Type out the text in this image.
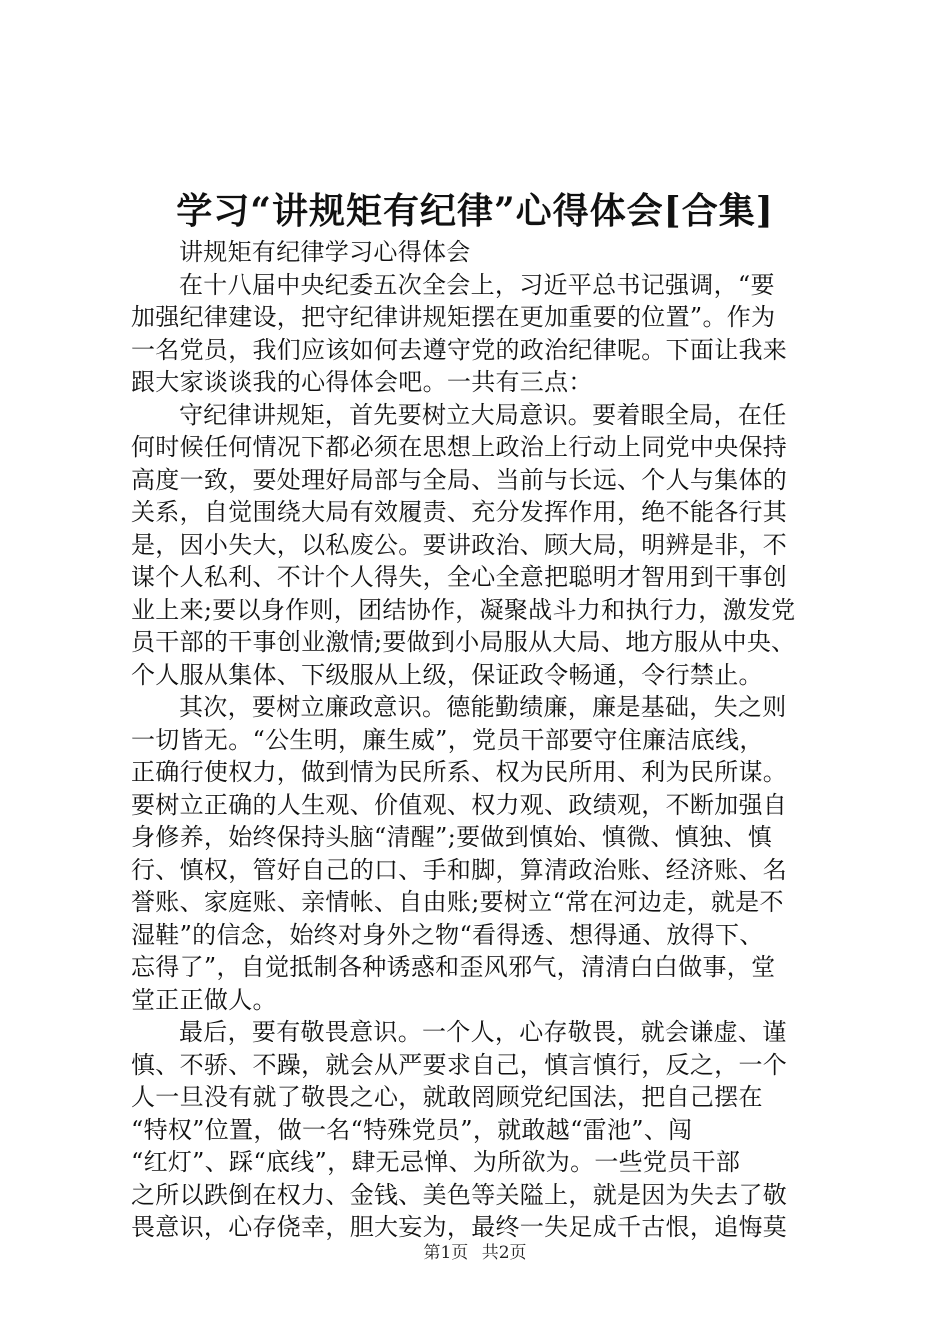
学习“讲规矩有纪律”心得体会[合集]
讲规矩有纪律学习心得体会
在十八届中央纪委五次全会上，习近平总书记强调，“要
加强纪律建设，把守纪律讲规矩摆在更加重要的位置”。作为
一名党员，我们应该如何去遵守党的政治纪律呢。下面让我来
跟大家谈谈我的心得体会吧。一共有三点：
守纪律讲规矩，首先要树立大局意识。要着眼全局，在任
何时候任何情况下都必须在思想上政治上行动上同党中央保持
高度一致，要处理好局部与全局、当前与长远、个人与集体的
关系，自觉围绕大局有效履责、充分发挥作用，绝不能各行其
是，因小失大，以私废公。要讲政治、顾大局，明辨是非，不
谋个人私利、不计个人得失，全心全意把聪明才智用到干事创
业上来;要以身作则，团结协作，凝聚战斗力和执行力，激发党
员干部的干事创业激情;要做到小局服从大局、地方服从中央、
个人服从集体、下级服从上级，保证政令畅通，令行禁止。
其次，要树立廉政意识。德能勤绩廉，廉是基础，失之则
一切皆无。“公生明，廉生威”，党员干部要守住廉洁底线，
正确行使权力，做到情为民所系、权为民所用、利为民所谋。
要树立正确的人生观、价值观、权力观、政绩观，不断加强自
身修养，始终保持头脑“清醒”;要做到慎始、慎微、慎独、慎
行、慎权，管好自己的口、手和脚，算清政治账、经济账、名
誉账、家庭账、亲情帐、自由账;要树立“常在河边走，就是不
湿鞋”的信念，始终对身外之物“看得透、想得通、放得下、
忘得了”，自觉抵制各种诱惑和歪风邪气，清清白白做事，堂
堂正正做人。
最后，要有敬畏意识。一个人，心存敬畏，就会谦虚、谨
慎、不骄、不躁，就会从严要求自己，慎言慎行，反之，一个
人一旦没有就了敬畏之心，就敢罔顾党纪国法，把自己摆在
“特权”位置，做一名“特殊党员”，就敢越“雷池”、闯
“红灯”、踩“底线”，肆无忌惮、为所欲为。一些党员干部
之所以跌倒在权力、金钱、美色等关隘上，就是因为失去了敬
畏意识，心存侥幸，胆大妄为，最终一失足成千古恨，追悔莫
第1页 共2页
